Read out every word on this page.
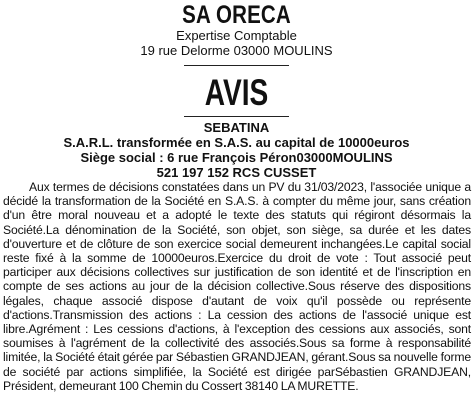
SA ORECA
Expertise Comptable
19 rue Delorme 03000 MOULINS
AVIS
SEBATINA
S.A.R.L. transformée en S.A.S. au capital de 10000euros
Siège social : 6 rue François Péron03000MOULINS
521 197 152 RCS CUSSET

Aux termes de décisions constatées dans un PV du 31/03/2023, l'associée unique a décidé la transformation de la Société en S.A.S. à compter du même jour, sans création d'un être moral nouveau et a adopté le texte des statuts qui régiront désormais la Société.La dénomination de la Société, son objet, son siège, sa durée et les dates d'ouverture et de clôture de son exercice social demeurent inchangées.Le capital social reste fixé à la somme de 10000euros.Exercice du droit de vote : Tout associé peut participer aux décisions collectives sur justification de son identité et de l'inscription en compte de ses actions au jour de la décision collective.Sous réserve des dispositions légales, chaque associé dispose d'autant de voix qu'il possède ou représente d'actions.Transmission des actions : La cession des actions de l'associé unique est libre.Agrément : Les cessions d'actions, à l'exception des cessions aux associés, sont soumises à l'agrément de la collectivité des associés.Sous sa forme à responsabilité limitée, la Société était gérée par Sébastien GRANDJEAN, gérant.Sous sa nouvelle forme de société par actions simplifiée, la Société est dirigée parSébastien GRANDJEAN, Président, demeurant 100 Chemin du Cossert 38140 LA MURETTE.
